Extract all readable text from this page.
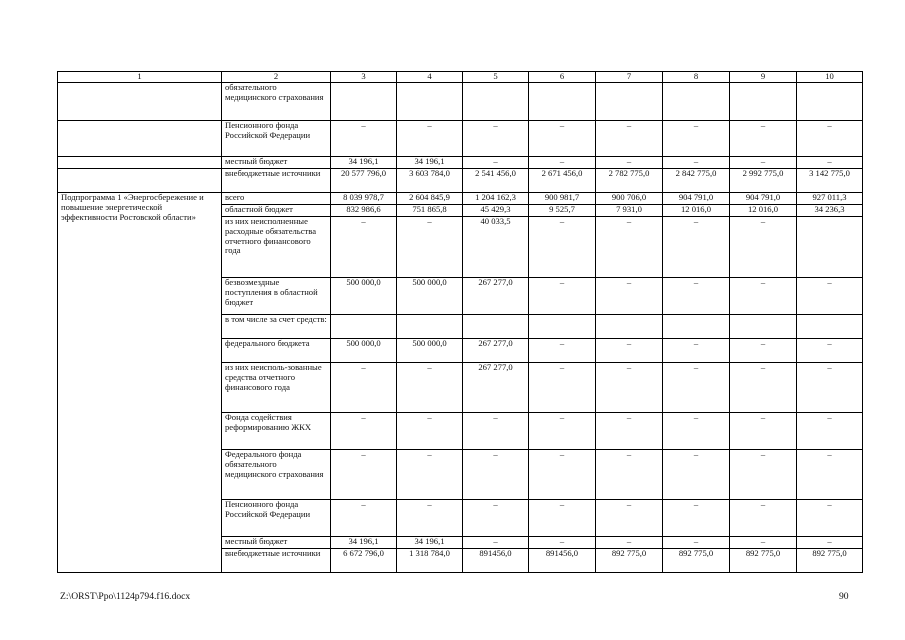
1	2	3	4	5	6	7	8	9	10
	обязательного медицинского страхования								
	Пенсионного фонда Российской Федерации	–	–	–	–	–	–	–	–
	местный бюджет	34 196,1	34 196,1	–	–	–	–	–	–
	внебюджетные источники	20 577 796,0	3 603 784,0	2 541 456,0	2 671 456,0	2 782 775,0	2 842 775,0	2 992 775,0	3 142 775,0
Подпрограмма 1 «Энергосбережение и повышение энергетической эффективности Ростовской области»	всего	8 039 978,7	2 604 845,9	1 204 162,3	900 981,7	900 706,0	904 791,0	904 791,0	927 011,3
	областной бюджет	832 986,6	751 865,8	45 429,3	9 525,7	7 931,0	12 016,0	12 016,0	34 236,3
	из них неисполненные расходные обязательства отчетного финансового года	–	–	40 033,5	–	–	–	–	
	безвозмездные поступления в областной бюджет	500 000,0	500 000,0	267 277,0	–	–	–	–	–
	в том числе за счет средств:								
	федерального бюджета	500 000,0	500 000,0	267 277,0	–	–	–	–	–
	из них неисполь-зованные средства отчетного финансового года	–	–	267 277,0	–	–	–	–	–
	Фонда содействия реформированию ЖКХ	–	–	–	–	–	–	–	–
	Федерального фонда обязательного медицинского страхования	–	–	–	–	–	–	–	–
	Пенсионного фонда Российской Федерации	–	–	–	–	–	–	–	–
	местный бюджет	34 196,1	34 196,1	–	–	–	–	–	–
	внебюджетные источники	6 672 796,0	1 318 784,0	891456,0	891456,0	892 775,0	892 775,0	892 775,0	892 775,0
Z:\ORST\Ppo\1124p794.f16.docx	90
